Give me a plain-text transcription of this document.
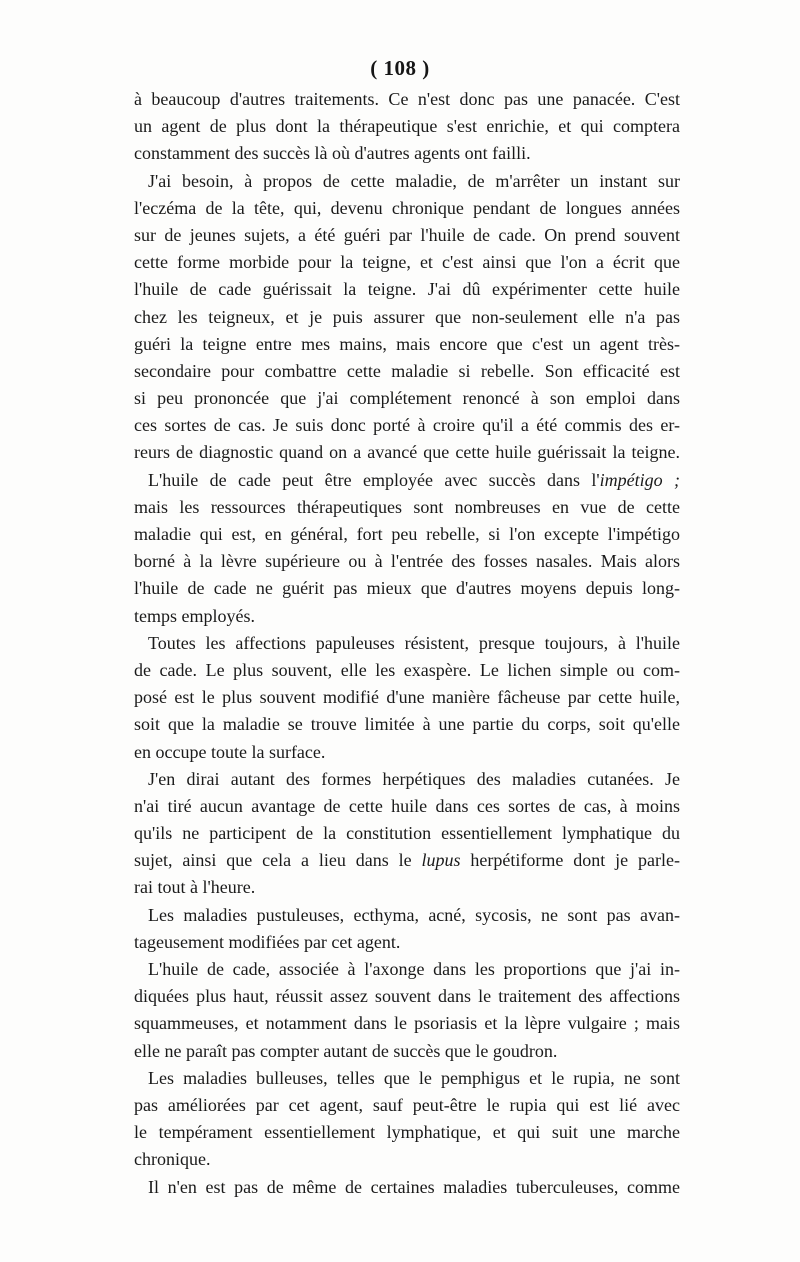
( 108 )
à beaucoup d'autres traitements. Ce n'est donc pas une panacée. C'est
un agent de plus dont la thérapeutique s'est enrichie, et qui comptera
constamment des succès là où d'autres agents ont failli.
J'ai besoin, à propos de cette maladie, de m'arrêter un instant sur
l'eczéma de la tête, qui, devenu chronique pendant de longues années
sur de jeunes sujets, a été guéri par l'huile de cade. On prend souvent
cette forme morbide pour la teigne, et c'est ainsi que l'on a écrit que
l'huile de cade guérissait la teigne. J'ai dû expérimenter cette huile
chez les teigneux, et je puis assurer que non-seulement elle n'a pas
guéri la teigne entre mes mains, mais encore que c'est un agent très-
secondaire pour combattre cette maladie si rebelle. Son efficacité est
si peu prononcée que j'ai complétement renoncé à son emploi dans
ces sortes de cas. Je suis donc porté à croire qu'il a été commis des er-
reurs de diagnostic quand on a avancé que cette huile guérissait la teigne.
L'huile de cade peut être employée avec succès dans l'impétigo ;
mais les ressources thérapeutiques sont nombreuses en vue de cette
maladie qui est, en général, fort peu rebelle, si l'on excepte l'impétigo
borné à la lèvre supérieure ou à l'entrée des fosses nasales. Mais alors
l'huile de cade ne guérit pas mieux que d'autres moyens depuis long-
temps employés.
Toutes les affections papuleuses résistent, presque toujours, à l'huile
de cade. Le plus souvent, elle les exaspère. Le lichen simple ou com-
posé est le plus souvent modifié d'une manière fâcheuse par cette huile,
soit que la maladie se trouve limitée à une partie du corps, soit qu'elle
en occupe toute la surface.
J'en dirai autant des formes herpétiques des maladies cutanées. Je
n'ai tiré aucun avantage de cette huile dans ces sortes de cas, à moins
qu'ils ne participent de la constitution essentiellement lymphatique du
sujet, ainsi que cela a lieu dans le lupus herpétiforme dont je parle-
rai tout à l'heure.
Les maladies pustuleuses, ecthyma, acné, sycosis, ne sont pas avan-
tageusement modifiées par cet agent.
L'huile de cade, associée à l'axonge dans les proportions que j'ai in-
diquées plus haut, réussit assez souvent dans le traitement des affections
squammeuses, et notamment dans le psoriasis et la lèpre vulgaire ; mais
elle ne paraît pas compter autant de succès que le goudron.
Les maladies bulleuses, telles que le pemphigus et le rupia, ne sont
pas améliorées par cet agent, sauf peut-être le rupia qui est lié avec
le tempérament essentiellement lymphatique, et qui suit une marche
chronique.
Il n'en est pas de même de certaines maladies tuberculeuses, comme
